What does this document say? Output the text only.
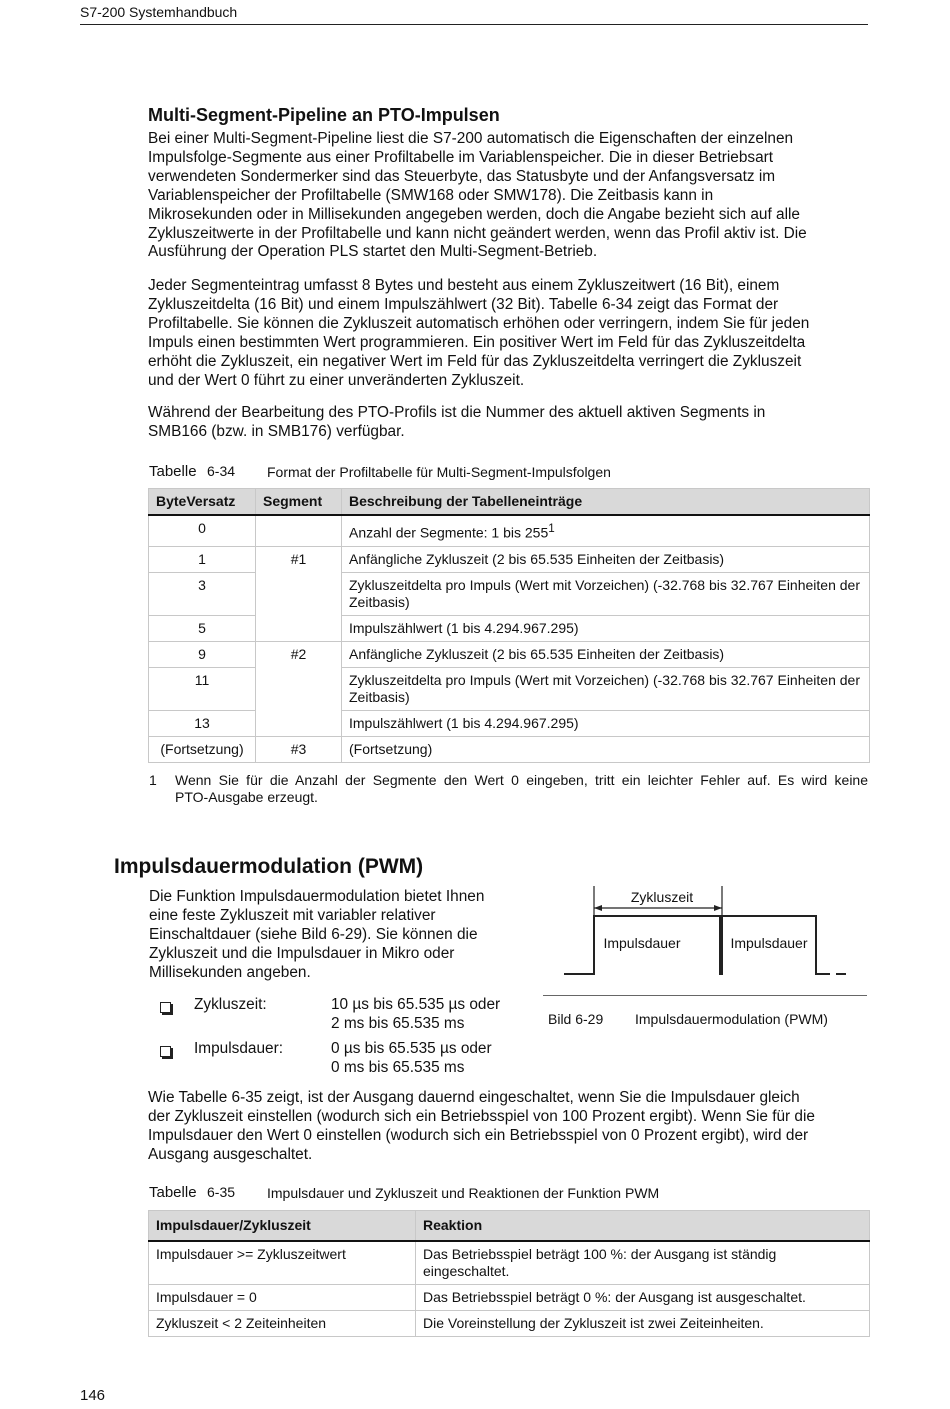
S7-200 Systemhandbuch
Multi-Segment-Pipeline an PTO-Impulsen
Bei einer Multi-Segment-Pipeline liest die S7-200 automatisch die Eigenschaften der einzelnen
Impulsfolge-Segmente aus einer Profiltabelle im Variablenspeicher. Die in dieser Betriebsart
verwendeten Sondermerker sind das Steuerbyte, das Statusbyte und der Anfangsversatz im
Variablenspeicher der Profiltabelle (SMW168 oder SMW178). Die Zeitbasis kann in
Mikrosekunden oder in Millisekunden angegeben werden, doch die Angabe bezieht sich auf alle
Zykluszeitwerte in der Profiltabelle und kann nicht geändert werden, wenn das Profil aktiv ist. Die
Ausführung der Operation PLS startet den Multi-Segment-Betrieb.
Jeder Segmenteintrag umfasst 8 Bytes und besteht aus einem Zykluszeitwert (16 Bit), einem
Zykluszeitdelta (16 Bit) und einem Impulszählwert (32 Bit). Tabelle 6-34 zeigt das Format der
Profiltabelle. Sie können die Zykluszeit automatisch erhöhen oder verringern, indem Sie für jeden
Impuls einen bestimmten Wert programmieren. Ein positiver Wert im Feld für das Zykluszeitdelta
erhöht die Zykluszeit, ein negativer Wert im Feld für das Zykluszeitdelta verringert die Zykluszeit
und der Wert 0 führt zu einer unveränderten Zykluszeit.
Während der Bearbeitung des PTO-Profils ist die Nummer des aktuell aktiven Segments in
SMB166 (bzw. in SMB176) verfügbar.
Tabelle 6-34 Format der Profiltabelle für Multi-Segment-Impulsfolgen
ByteVersatz	Segment	Beschreibung der Tabelleneinträge
0		Anzahl der Segmente: 1 bis $255^1$
1	#1	Anfängliche Zykluszeit (2 bis 65.535 Einheiten der Zeitbasis)
3		Zykluszeitdelta pro Impuls (Wert mit Vorzeichen) (-32.768 bis 32.767 Einheiten der Zeitbasis)
5		Impulszählwert (1 bis 4.294.967.295)
9	#2	Anfängliche Zykluszeit (2 bis 65.535 Einheiten der Zeitbasis)
11		Zykluszeitdelta pro Impuls (Wert mit Vorzeichen) (-32.768 bis 32.767 Einheiten der Zeitbasis)
13		Impulszählwert (1 bis 4.294.967.295)
(Fortsetzung)	#3	(Fortsetzung)
1 Wenn Sie für die Anzahl der Segmente den Wert 0 eingeben, tritt ein leichter Fehler auf. Es wird keine
PTO-Ausgabe erzeugt.
Impulsdauermodulation (PWM)
Die Funktion Impulsdauermodulation bietet Ihnen
eine feste Zykluszeit mit variabler relativer
Einschaltdauer (siehe Bild 6-29). Sie können die
Zykluszeit und die Impulsdauer in Mikro oder
Millisekunden angeben.
Zykluszeit:	10 µs bis 65.535 µs oder
2 ms bis 65.535 ms
Impulsdauer:	0 µs bis 65.535 µs oder
0 ms bis 65.535 ms
Zykluszeit
Impulsdauer	Impulsdauer
Bild 6-29 Impulsdauermodulation (PWM)
Wie Tabelle 6-35 zeigt, ist der Ausgang dauernd eingeschaltet, wenn Sie die Impulsdauer gleich
der Zykluszeit einstellen (wodurch sich ein Betriebsspiel von 100 Prozent ergibt). Wenn Sie für die
Impulsdauer den Wert 0 einstellen (wodurch sich ein Betriebsspiel von 0 Prozent ergibt), wird der
Ausgang ausgeschaltet.
Tabelle 6-35 Impulsdauer und Zykluszeit und Reaktionen der Funktion PWM
Impulsdauer/Zykluszeit	Reaktion
Impulsdauer >= Zykluszeitwert	Das Betriebsspiel beträgt 100 %: der Ausgang ist ständig eingeschaltet.
Impulsdauer = 0	Das Betriebsspiel beträgt 0 %: der Ausgang ist ausgeschaltet.
Zykluszeit < 2 Zeiteinheiten	Die Voreinstellung der Zykluszeit ist zwei Zeiteinheiten.
146
